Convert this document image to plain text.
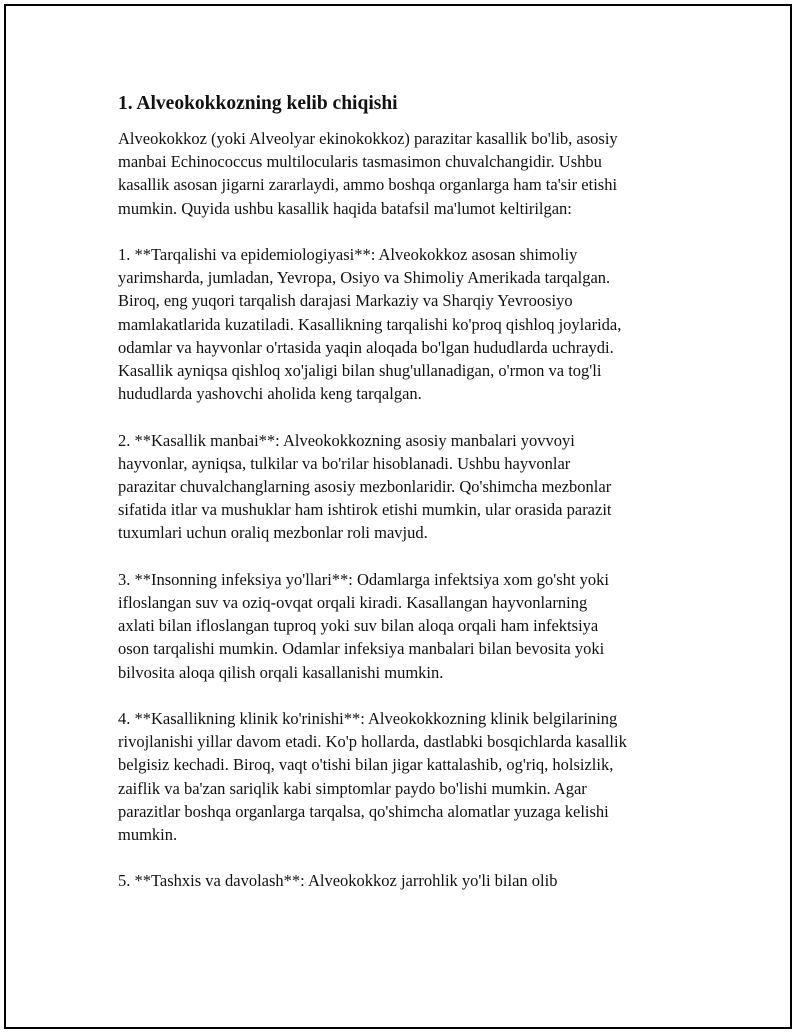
1. Alveokokkozning kelib chiqishi

Alveokokkoz (yoki Alveolyar ekinokokkoz) parazitar kasallik bo'lib, asosiy
manbai Echinococcus multilocularis tasmasimon chuvalchangidir. Ushbu
kasallik asosan jigarni zararlaydi, ammo boshqa organlarga ham ta'sir etishi
mumkin. Quyida ushbu kasallik haqida batafsil ma'lumot keltirilgan:

1. **Tarqalishi va epidemiologiyasi**: Alveokokkoz asosan shimoliy
yarimsharda, jumladan, Yevropa, Osiyo va Shimoliy Amerikada tarqalgan.
Biroq, eng yuqori tarqalish darajasi Markaziy va Sharqiy Yevroosiyo
mamlakatlarida kuzatiladi. Kasallikning tarqalishi ko'proq qishloq joylarida,
odamlar va hayvonlar o'rtasida yaqin aloqada bo'lgan hududlarda uchraydi.
Kasallik ayniqsa qishloq xo'jaligi bilan shug'ullanadigan, o'rmon va tog'li
hududlarda yashovchi aholida keng tarqalgan.

2. **Kasallik manbai**: Alveokokkozning asosiy manbalari yovvoyi
hayvonlar, ayniqsa, tulkilar va bo'rilar hisoblanadi. Ushbu hayvonlar
parazitar chuvalchanglarning asosiy mezbonlaridir. Qo'shimcha mezbonlar
sifatida itlar va mushuklar ham ishtirok etishi mumkin, ular orasida parazit
tuxumlari uchun oraliq mezbonlar roli mavjud.

3. **Insonning infeksiya yo'llari**: Odamlarga infektsiya xom go'sht yoki
ifloslangan suv va oziq-ovqat orqali kiradi. Kasallangan hayvonlarning
axlati bilan ifloslangan tuproq yoki suv bilan aloqa orqali ham infektsiya
oson tarqalishi mumkin. Odamlar infeksiya manbalari bilan bevosita yoki
bilvosita aloqa qilish orqali kasallanishi mumkin.

4. **Kasallikning klinik ko'rinishi**: Alveokokkozning klinik belgilarining
rivojlanishi yillar davom etadi. Ko'p hollarda, dastlabki bosqichlarda kasallik
belgisiz kechadi. Biroq, vaqt o'tishi bilan jigar kattalashib, og'riq, holsizlik,
zaiflik va ba'zan sariqlik kabi simptomlar paydo bo'lishi mumkin. Agar
parazitlar boshqa organlarga tarqalsa, qo'shimcha alomatlar yuzaga kelishi
mumkin.

5. **Tashxis va davolash**: Alveokokkoz jarrohlik yo'li bilan olib
